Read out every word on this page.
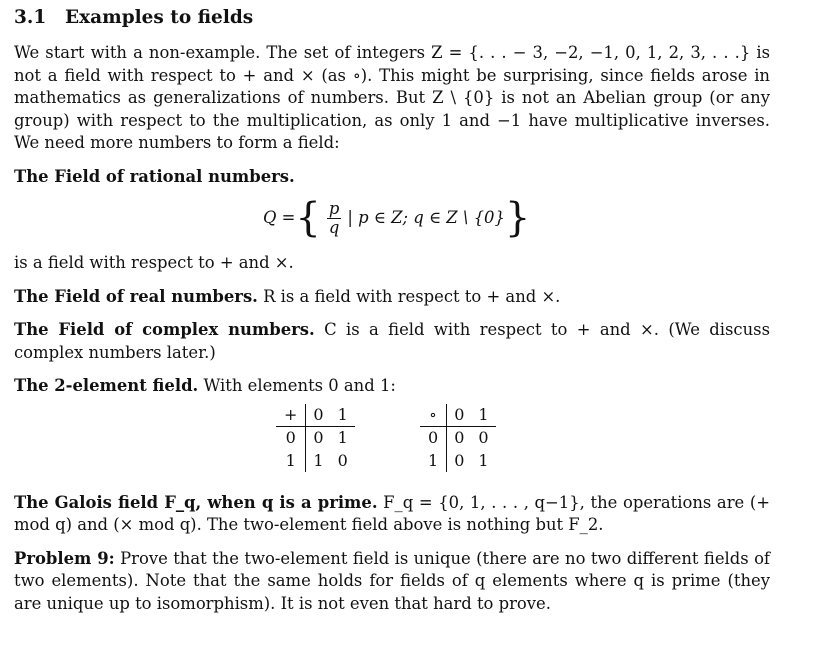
3.1 Examples to fields

We start with a non-example. The set of integers Z = {. . . − 3, −2, −1, 0, 1, 2, 3, . . .} is not a field with respect to + and × (as ∘). This might be surprising, since fields arose in mathematics as generalizations of numbers. But Z \ {0} is not an Abelian group (or any group) with respect to the multiplication, as only 1 and −1 have multiplicative inverses. We need more numbers to form a field:

The Field of rational numbers.

Q = { $\frac{p}{q}$ | p ∈ Z; q ∈ Z \ {0} }

is a field with respect to + and ×.

The Field of real numbers. R is a field with respect to + and ×.

The Field of complex numbers. C is a field with respect to + and ×. (We discuss complex numbers later.)

The 2-element field. With elements 0 and 1:

+	0	1
0	0	1
1	1	0
∘	0	1
0	0	0
1	0	1

The Galois field F_q, when q is a prime. F_q = {0, 1, . . . , q−1}, the operations are (+ mod q) and (× mod q). The two-element field above is nothing but F_2.

Problem 9: Prove that the two-element field is unique (there are no two different fields of two elements). Note that the same holds for fields of q elements where q is prime (they are unique up to isomorphism). It is not even that hard to prove.
